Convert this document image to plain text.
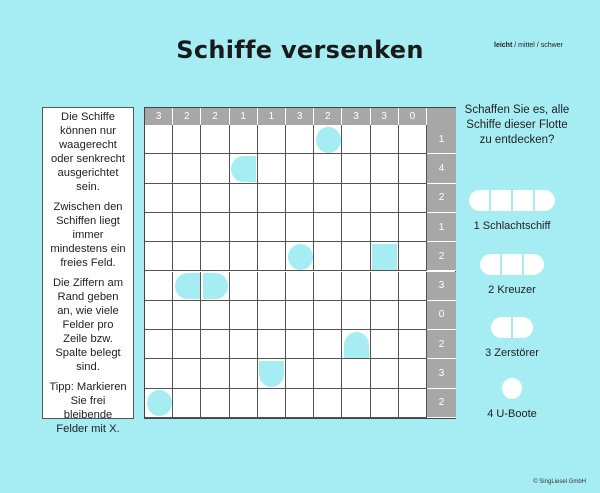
Schiffe versenken	leicht / mittel / schwer

Die Schiffe können nur waagerecht oder senkrecht ausgerichtet sein.

Zwischen den Schiffen liegt immer mindestens ein freies Feld.

Die Ziffern am Rand geben an, wie viele Felder pro Zeile bzw. Spalte belegt sind.

Tipp: Markieren Sie frei bleibende Felder mit X.

3	2	2	1	1	3	2	3	3	0
1
4
2
1
2
3
0
2
3
2
Schaffen Sie es, alle Schiffe dieser Flotte zu entdecken?
1 Schlachtschiff
2 Kreuzer
3 Zerstörer
4 U-Boote
© SingLiesel GmbH
